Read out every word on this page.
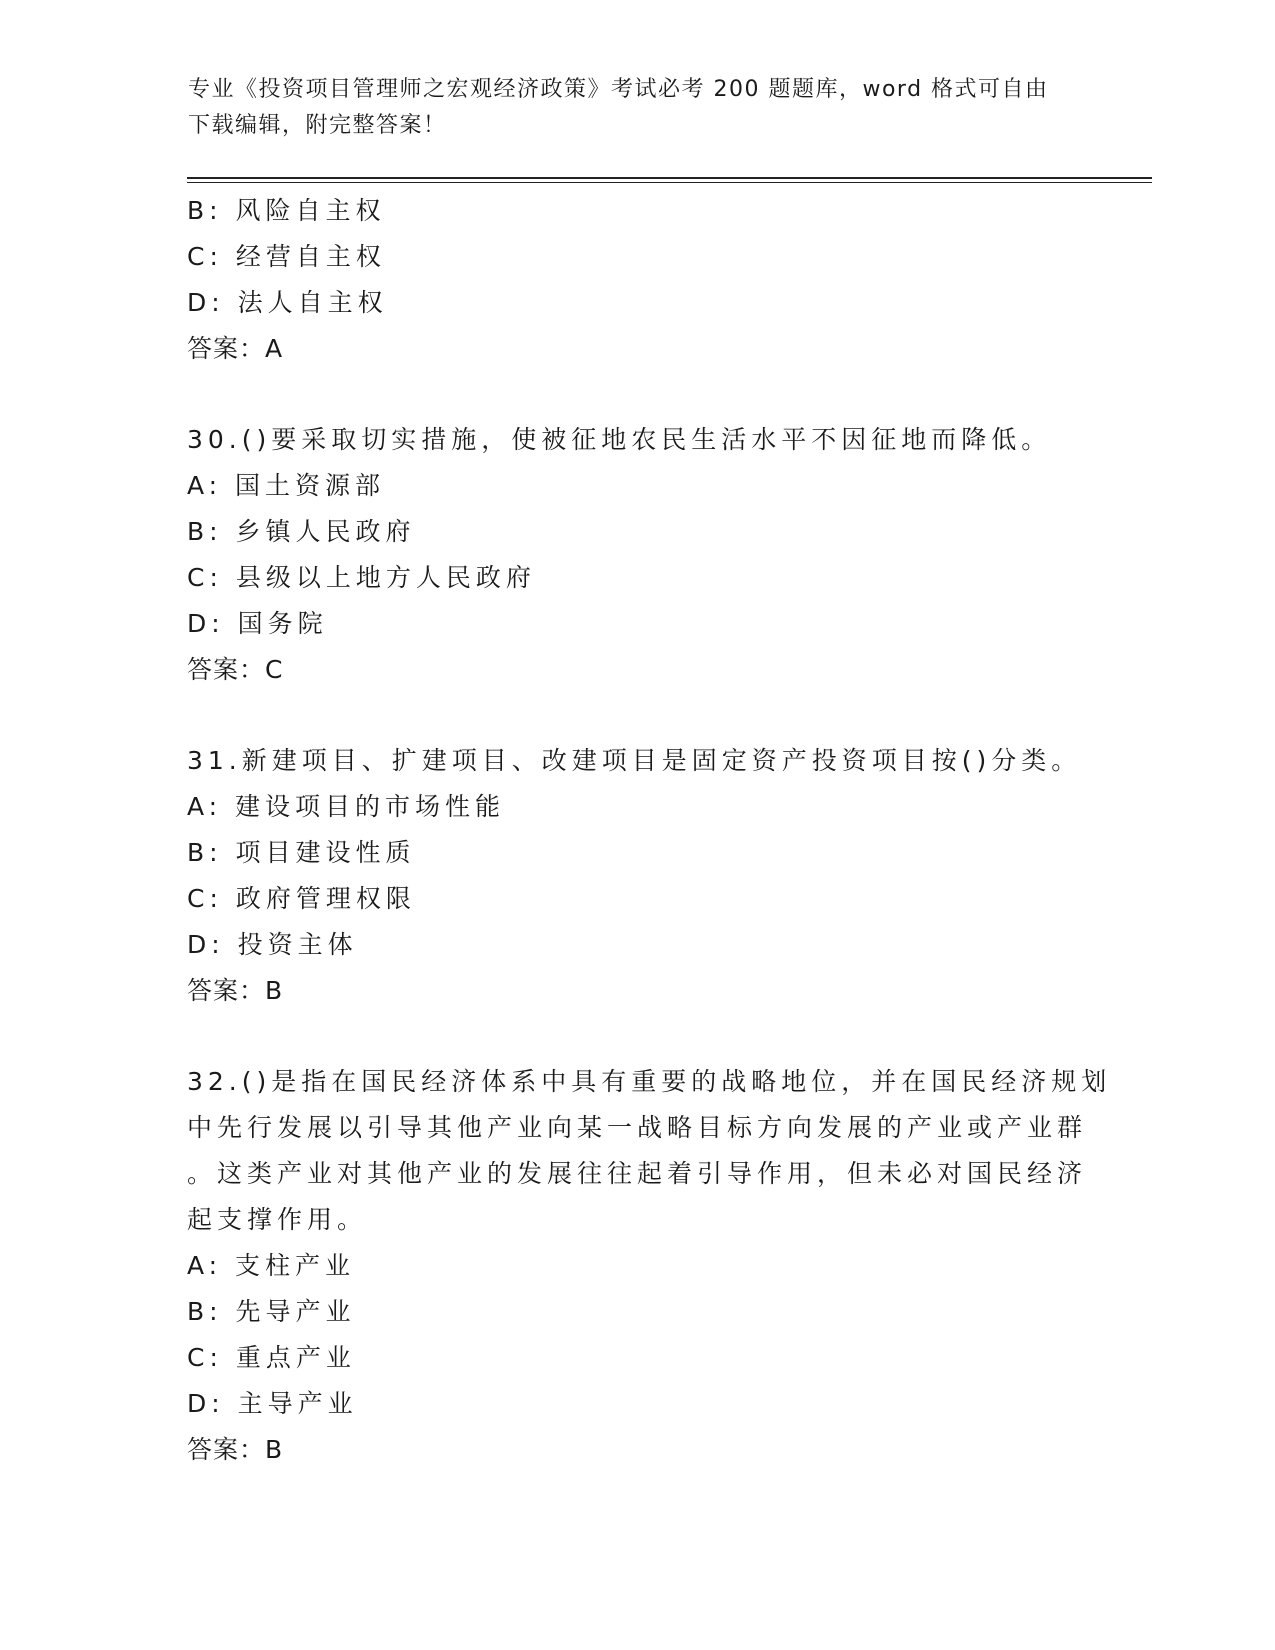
专业《投资项目管理师之宏观经济政策》考试必考 200 题题库，word 格式可自由
下载编辑，附完整答案！
B: 风险自主权
C: 经营自主权
D: 法人自主权
答案：A
30.()要采取切实措施，使被征地农民生活水平不因征地而降低。
A: 国土资源部
B: 乡镇人民政府
C: 县级以上地方人民政府
D: 国务院
答案：C
31.新建项目、扩建项目、改建项目是固定资产投资项目按()分类。
A: 建设项目的市场性能
B: 项目建设性质
C: 政府管理权限
D: 投资主体
答案：B
32.()是指在国民经济体系中具有重要的战略地位，并在国民经济规划
中先行发展以引导其他产业向某一战略目标方向发展的产业或产业群
。这类产业对其他产业的发展往往起着引导作用，但未必对国民经济
起支撑作用。
A: 支柱产业
B: 先导产业
C: 重点产业
D: 主导产业
答案：B
